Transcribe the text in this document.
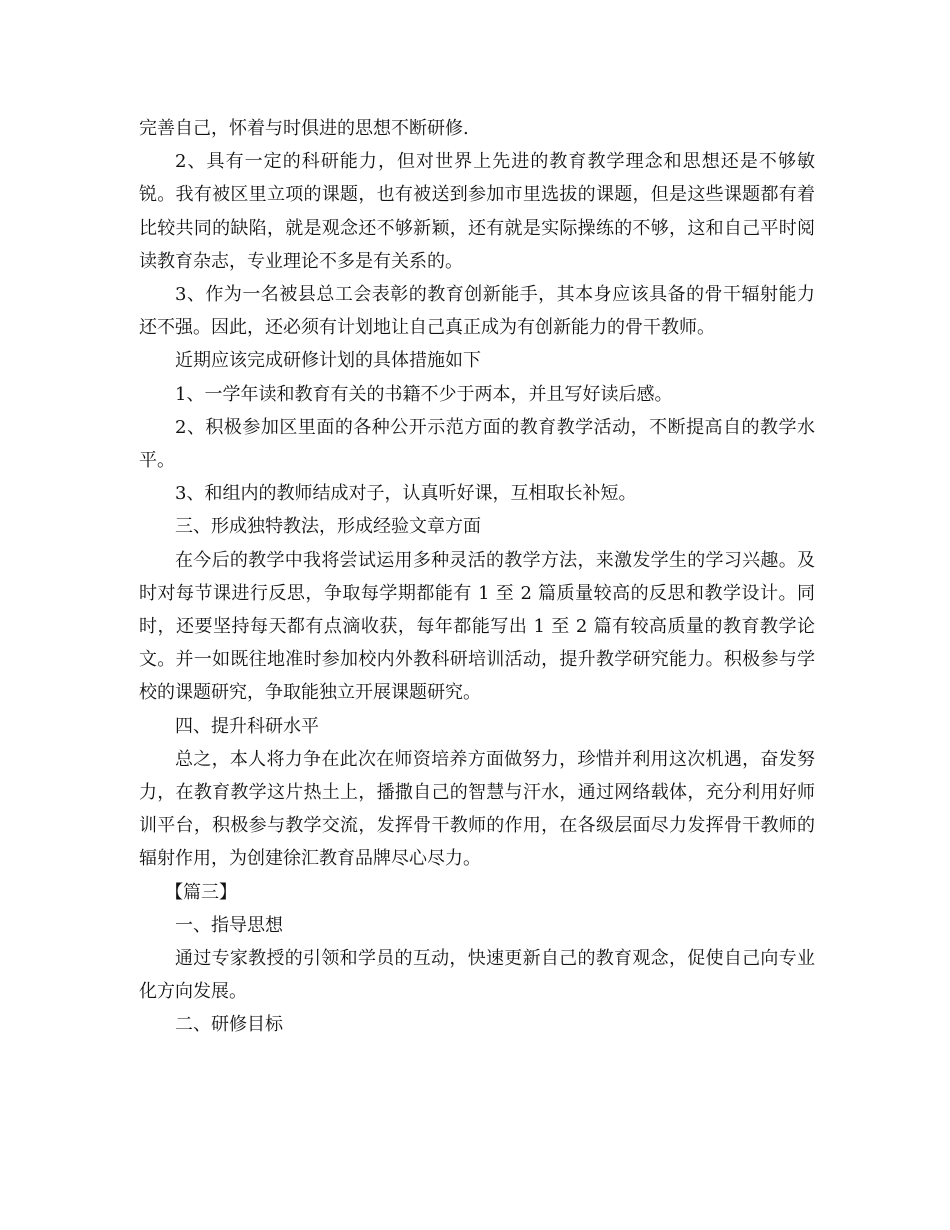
完善自己，怀着与时俱进的思想不断研修.

2、具有一定的科研能力，但对世界上先进的教育教学理念和思想还是不够敏锐。我有被区里立项的课题，也有被送到参加市里选拔的课题，但是这些课题都有着比较共同的缺陷，就是观念还不够新颖，还有就是实际操练的不够，这和自己平时阅读教育杂志，专业理论不多是有关系的。

3、作为一名被县总工会表彰的教育创新能手，其本身应该具备的骨干辐射能力还不强。因此，还必须有计划地让自己真正成为有创新能力的骨干教师。

近期应该完成研修计划的具体措施如下

1、一学年读和教育有关的书籍不少于两本，并且写好读后感。

2、积极参加区里面的各种公开示范方面的教育教学活动，不断提高自的教学水平。

3、和组内的教师结成对子，认真听好课，互相取长补短。

三、形成独特教法，形成经验文章方面

在今后的教学中我将尝试运用多种灵活的教学方法，来激发学生的学习兴趣。及时对每节课进行反思，争取每学期都能有 1 至 2 篇质量较高的反思和教学设计。同时，还要坚持每天都有点滴收获，每年都能写出 1 至 2 篇有较高质量的教育教学论文。并一如既往地准时参加校内外教科研培训活动，提升教学研究能力。积极参与学校的课题研究，争取能独立开展课题研究。

四、提升科研水平

总之，本人将力争在此次在师资培养方面做努力，珍惜并利用这次机遇，奋发努力，在教育教学这片热土上，播撒自己的智慧与汗水，通过网络载体，充分利用好师训平台，积极参与教学交流，发挥骨干教师的作用，在各级层面尽力发挥骨干教师的辐射作用，为创建徐汇教育品牌尽心尽力。

【篇三】

一、指导思想

通过专家教授的引领和学员的互动，快速更新自己的教育观念，促使自己向专业化方向发展。

二、研修目标
